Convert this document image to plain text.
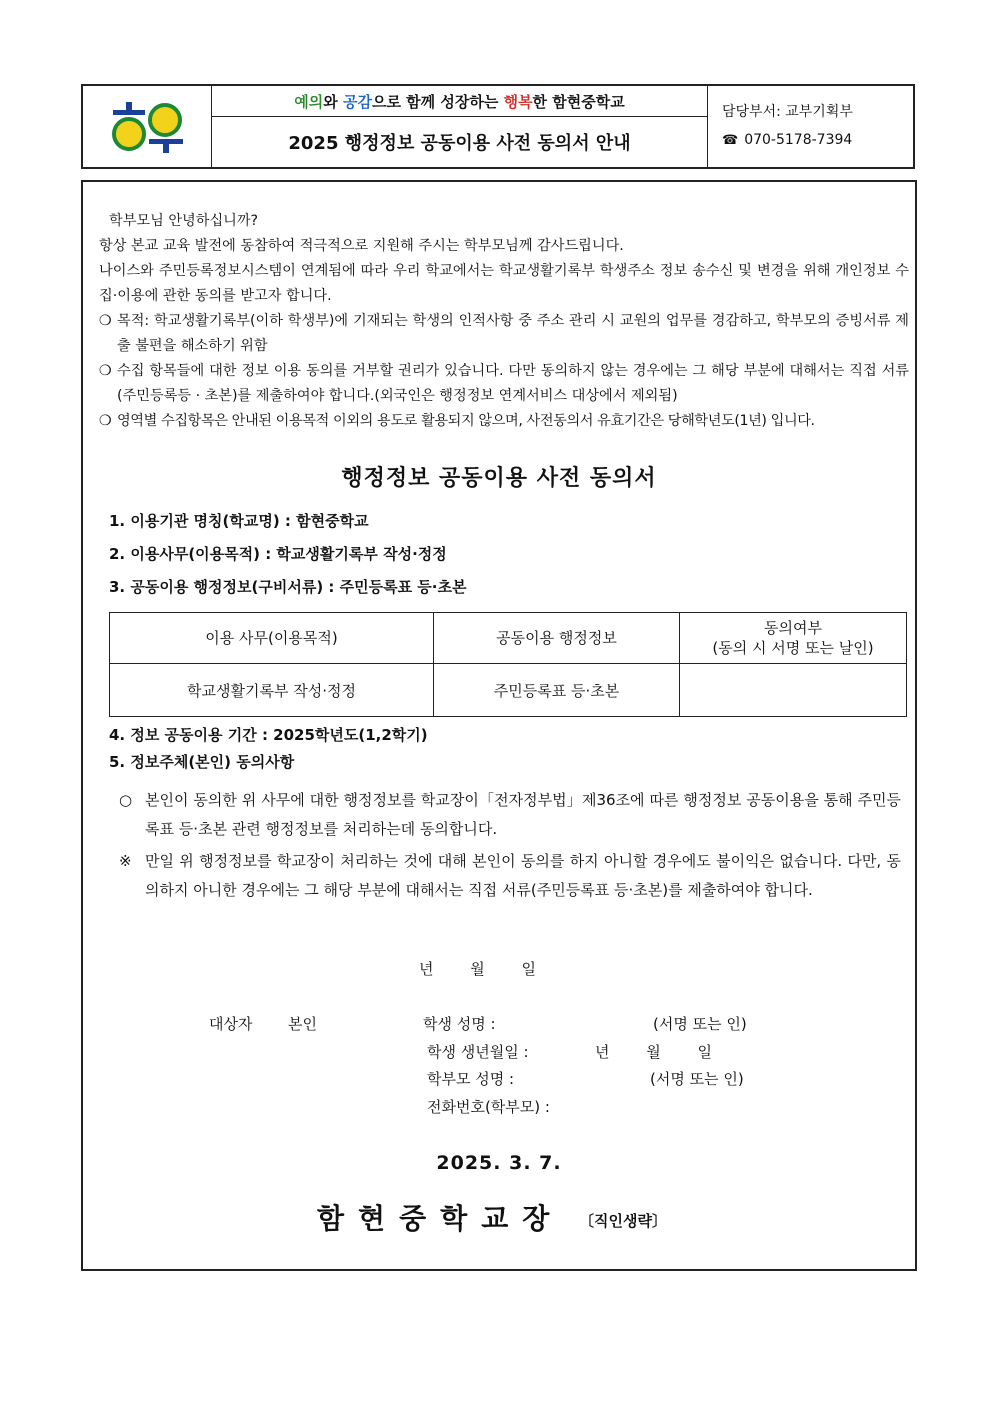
예의 와 공감 으로 함께 성장하는 행복 한 함현중학교
2025 행정정보 공동이용 사전 동의서 안내
담당부서: 교부기획부
☎ 070-5178-7394

학부모님 안녕하십니까?

항상 본교 교육 발전에 동참하여 적극적으로 지원해 주시는 학부모님께 감사드립니다.

나이스와 주민등록정보시스템이 연계됨에 따라 우리 학교에서는 학교생활기록부 학생주소 정보 송수신 및 변경을 위해 개인정보 수집·이용에 관한 동의를 받고자 합니다.

❍ 목적: 학교생활기록부(이하 학생부)에 기재되는 학생의 인적사항 중 주소 관리 시 교원의 업무를 경감하고, 학부모의 증빙서류 제출 불편을 해소하기 위함
❍ 수집 항목들에 대한 정보 이용 동의를 거부할 권리가 있습니다. 다만 동의하지 않는 경우에는 그 해당 부분에 대해서는 직접 서류(주민등록등 · 초본)를 제출하여야 합니다.(외국인은 행정정보 연계서비스 대상에서 제외됨)
❍ 영역별 수집항목은 안내된 이용목적 이외의 용도로 활용되지 않으며, 사전동의서 유효기간은 당해학년도(1년) 입니다.
행정정보 공동이용 사전 동의서
1. 이용기관 명칭(학교명) : 함현중학교
2. 이용사무(이용목적) : 학교생활기록부 작성·정정
3. 공동이용 행정정보(구비서류) : 주민등록표 등·초본
이용 사무(이용목적)	공동이용 행정정보	동의여부
(동의 시 서명 또는 날인)

학교생활기록부 작성·정정	주민등록표 등·초본	
4. 정보 공동이용 기간 : 2025학년도(1,2학기)
5. 정보주체(본인) 동의사항
○ 본인이 동의한 위 사무에 대한 행정정보를 학교장이「전자정부법」제36조에 따른 행정정보 공동이용을 통해 주민등록표 등·초본 관련 행정정보를 처리하는데 동의합니다.
※ 만일 위 행정정보를 학교장이 처리하는 것에 대해 본인이 동의를 하지 아니할 경우에도 불이익은 없습니다. 다만, 동의하지 아니한 경우에는 그 해당 부분에 대해서는 직접 서류(주민등록표 등·초본)를 제출하여야 합니다.
년 월 일
대상자 본인	학생 성명 :	(서명 또는 인)
학생 생년월일 :	년 월 일
학부모 성명 :	(서명 또는 인)
전화번호(학부모) :
2025. 3. 7.
함현중학교장 〔직인생략〕
